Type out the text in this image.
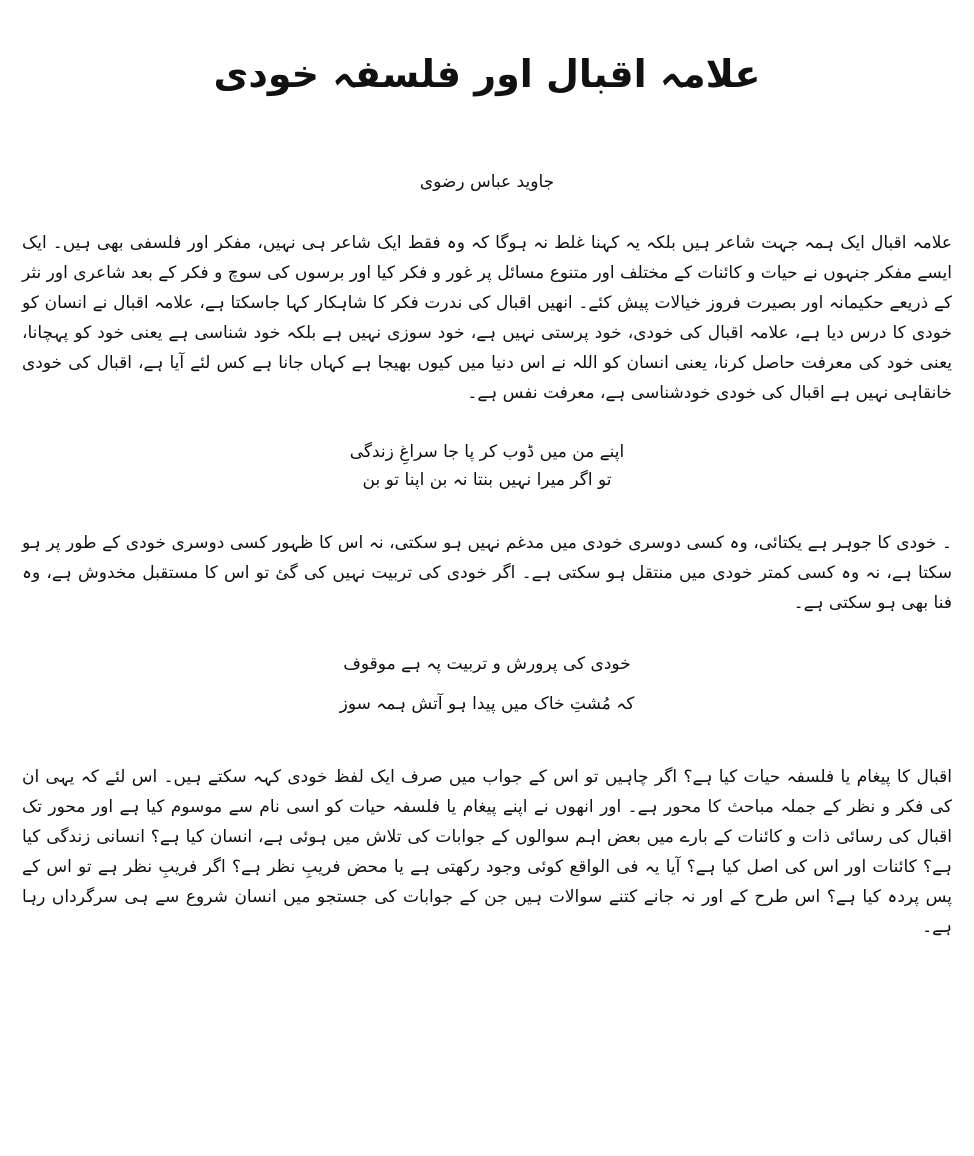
علامہ اقبال اور فلسفہ خودی

جاوید عباس رضوی

علامہ اقبال ایک ہمہ جہت شاعر ہیں بلکہ یہ کہنا غلط نہ ہوگا کہ وہ فقط ایک شاعر ہی نہیں، مفکر اور فلسفی بھی ہیں۔ ایک ایسے مفکر جنہوں نے حیات و کائنات کے مختلف اور متنوع مسائل پر غور و فکر کیا اور برسوں کی سوچ و فکر کے بعد شاعری اور نثر کے ذریعے حکیمانہ اور بصیرت فروز خیالات پیش کئے۔ انھیں اقبال کی ندرت فکر کا شاہکار کہا جاسکتا ہے، علامہ اقبال نے انسان کو خودی کا درس دیا ہے، علامہ اقبال کی خودی، خود پرستی نہیں ہے، خود سوزی نہیں ہے بلکہ خود شناسی ہے یعنی خود کو پہچانا، یعنی خود کی معرفت حاصل کرنا، یعنی انسان کو اللہ نے اس دنیا میں کیوں بھیجا ہے کہاں جانا ہے کس لئے آیا ہے، اقبال کی خودی خانقاہی نہیں ہے اقبال کی خودی خودشناسی ہے، معرفت نفس ہے۔

اپنے من میں ڈوب کر پا جا سراغِ زندگی
تو اگر میرا نہیں بنتا نہ بن اپنا تو بن

۔ خودی کا جوہر ہے یکتائی، وہ کسی دوسری خودی میں مدغم نہیں ہو سکتی، نہ اس کا ظہور کسی دوسری خودی کے طور پر ہو سکتا ہے، نہ وہ کسی کمتر خودی میں منتقل ہو سکتی ہے۔ اگر خودی کی تربیت نہیں کی گئ تو اس کا مستقبل مخدوش ہے، وہ فنا بھی ہو سکتی ہے۔

خودی کی پرورش و تربیت پہ ہے موقوف
کہ مُشتِ خاک میں پیدا ہو آتش ہمہ سوز

اقبال کا پیغام یا فلسفہ حیات کیا ہے؟ اگر چاہیں تو اس کے جواب میں صرف ایک لفظ خودی کہہ سکتے ہیں۔ اس لئے کہ یہی ان کی فکر و نظر کے جملہ مباحث کا محور ہے۔ اور انھوں نے اپنے پیغام یا فلسفہ حیات کو اسی نام سے موسوم کیا ہے اور محور تک اقبال کی رسائی ذات و کائنات کے بارے میں بعض اہم سوالوں کے جوابات کی تلاش میں ہوئی ہے، انسان کیا ہے؟ انسانی زندگی کیا ہے؟ کائنات اور اس کی اصل کیا ہے؟ آیا یہ فی الواقع کوئی وجود رکھتی ہے یا محض فریبِ نظر ہے؟ اگر فریبِ نظر ہے تو اس کے پس پردہ کیا ہے؟ اس طرح کے اور نہ جانے کتنے سوالات ہیں جن کے جوابات کی جستجو میں انسان شروع سے ہی سرگرداں رہا ہے۔
